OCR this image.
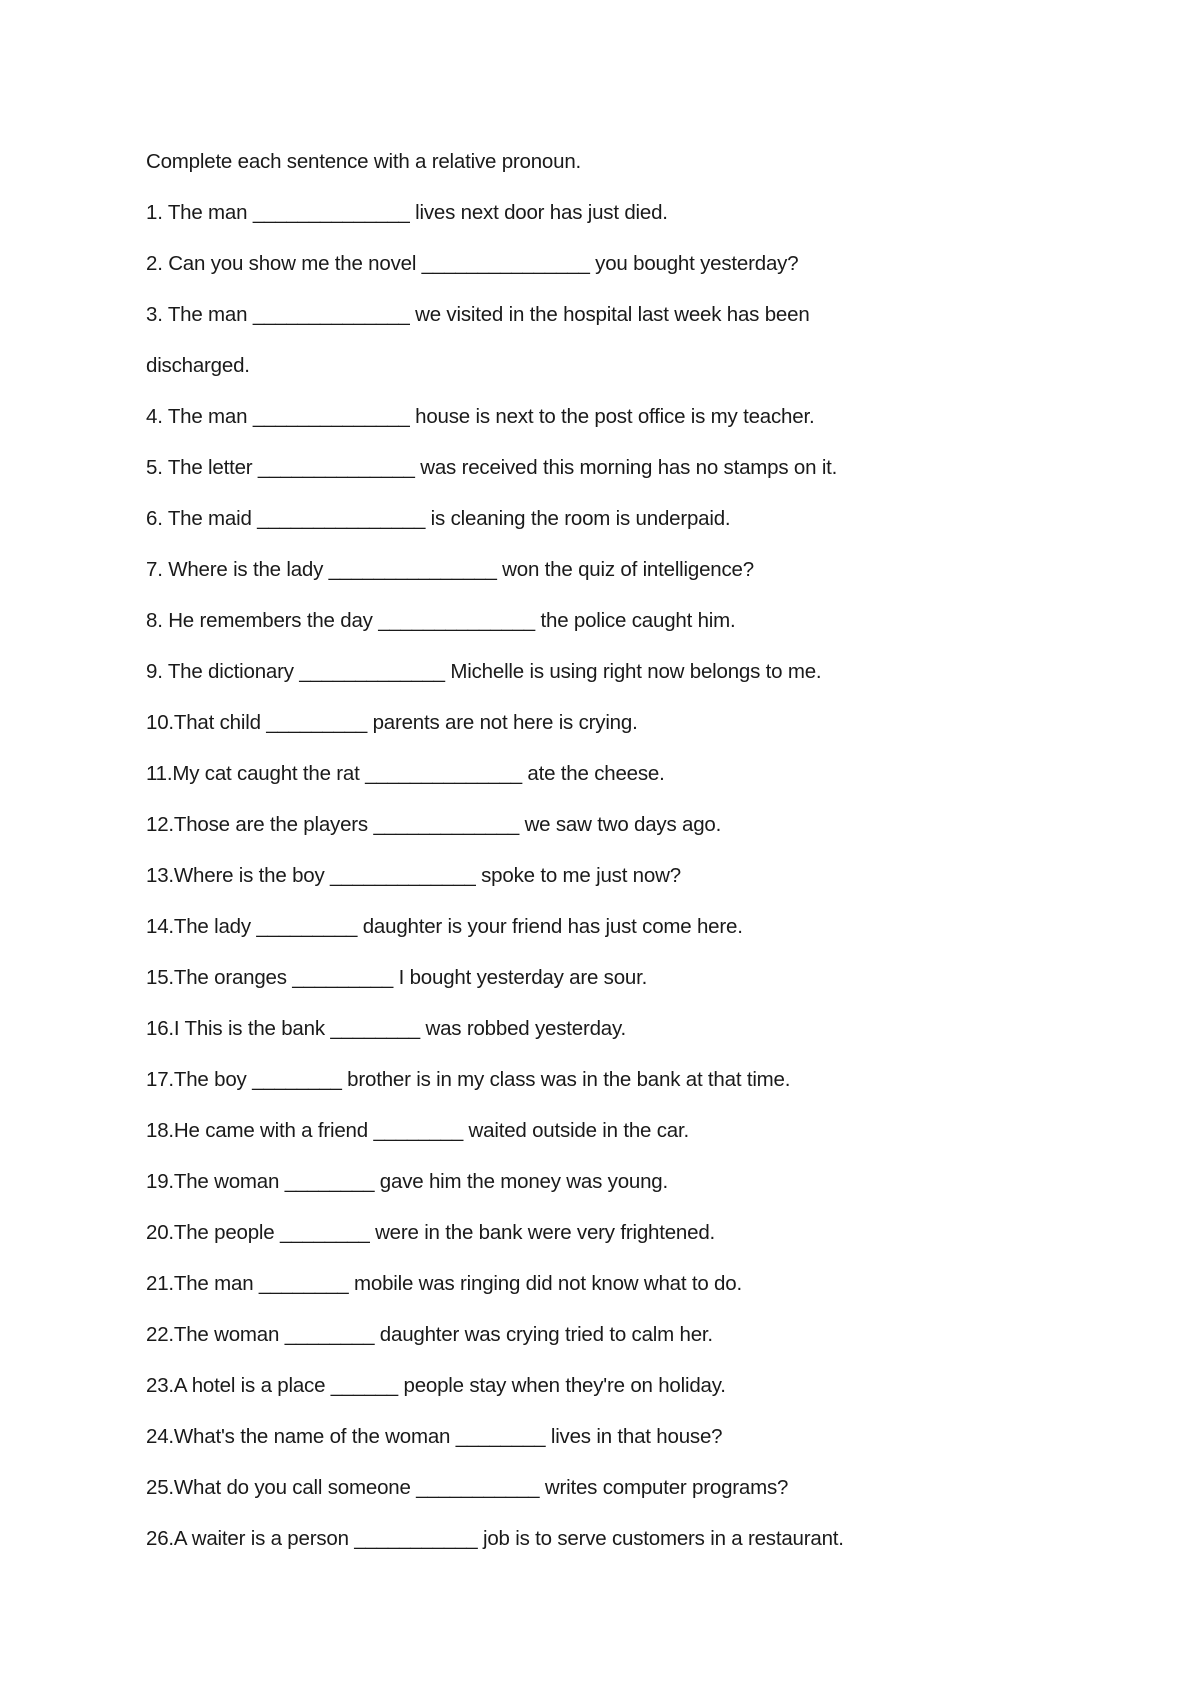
Complete each sentence with a relative pronoun.
1. The man ______________ lives next door has just died.
2. Can you show me the novel _______________ you bought yesterday?
3. The man ______________ we visited in the hospital last week has been
discharged.
4. The man ______________ house is next to the post office is my teacher.
5. The letter ______________ was received this morning has no stamps on it.
6. The maid _______________ is cleaning the room is underpaid.
7. Where is the lady _______________ won the quiz of intelligence?
8. He remembers the day ______________ the police caught him.
9. The dictionary _____________ Michelle is using right now belongs to me.
10.That child _________ parents are not here is crying.
11.My cat caught the rat ______________ ate the cheese.
12.Those are the players _____________ we saw two days ago.
13.Where is the boy _____________ spoke to me just now?
14.The lady _________ daughter is your friend has just come here.
15.The oranges _________ I bought yesterday are sour.
16.I This is the bank ________ was robbed yesterday.
17.The boy ________ brother is in my class was in the bank at that time.
18.He came with a friend ________ waited outside in the car.
19.The woman ________ gave him the money was young.
20.The people ________ were in the bank were very frightened.
21.The man ________ mobile was ringing did not know what to do.
22.The woman ________ daughter was crying tried to calm her.
23.A hotel is a place ______ people stay when they're on holiday.
24.What's the name of the woman ________ lives in that house?
25.What do you call someone ___________ writes computer programs?
26.A waiter is a person ___________ job is to serve customers in a restaurant.
